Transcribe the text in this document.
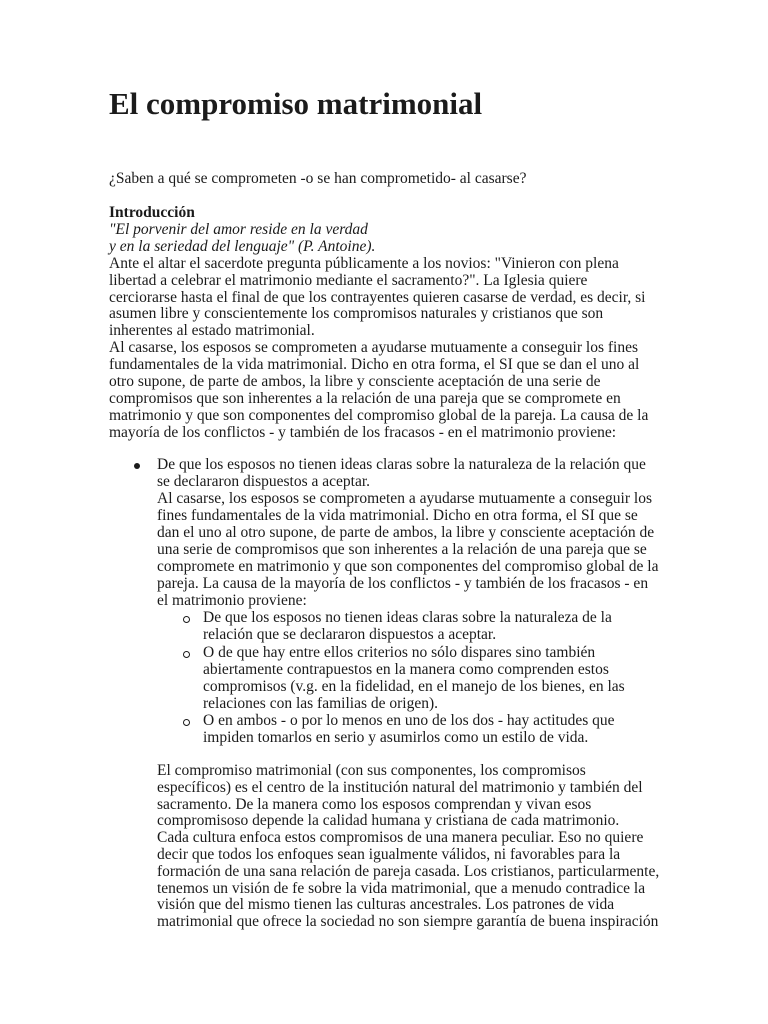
El compromiso matrimonial
¿Saben a qué se comprometen -o se han comprometido- al casarse?
Introducción
"El porvenir del amor reside en la verdad
y en la seriedad del lenguaje" (P. Antoine).
Ante el altar el sacerdote pregunta públicamente a los novios: "Vinieron con plena
libertad a celebrar el matrimonio mediante el sacramento?". La Iglesia quiere
cerciorarse hasta el final de que los contrayentes quieren casarse de verdad, es decir, si
asumen libre y conscientemente los compromisos naturales y cristianos que son
inherentes al estado matrimonial.
Al casarse, los esposos se comprometen a ayudarse mutuamente a conseguir los fines
fundamentales de la vida matrimonial. Dicho en otra forma, el SI que se dan el uno al
otro supone, de parte de ambos, la libre y consciente aceptación de una serie de
compromisos que son inherentes a la relación de una pareja que se compromete en
matrimonio y que son componentes del compromiso global de la pareja. La causa de la
mayoría de los conflictos - y también de los fracasos - en el matrimonio proviene:
De que los esposos no tienen ideas claras sobre la naturaleza de la relación que
se declararon dispuestos a aceptar.
Al casarse, los esposos se comprometen a ayudarse mutuamente a conseguir los
fines fundamentales de la vida matrimonial. Dicho en otra forma, el SI que se
dan el uno al otro supone, de parte de ambos, la libre y consciente aceptación de
una serie de compromisos que son inherentes a la relación de una pareja que se
compromete en matrimonio y que son componentes del compromiso global de la
pareja. La causa de la mayoría de los conflictos - y también de los fracasos - en
el matrimonio proviene:
De que los esposos no tienen ideas claras sobre la naturaleza de la
relación que se declararon dispuestos a aceptar.
O de que hay entre ellos criterios no sólo dispares sino también
abiertamente contrapuestos en la manera como comprenden estos
compromisos (v.g. en la fidelidad, en el manejo de los bienes, en las
relaciones con las familias de origen).
O en ambos - o por lo menos en uno de los dos - hay actitudes que
impiden tomarlos en serio y asumirlos como un estilo de vida.
El compromiso matrimonial (con sus componentes, los compromisos
específicos) es el centro de la institución natural del matrimonio y también del
sacramento. De la manera como los esposos comprendan y vivan esos
compromisoso depende la calidad humana y cristiana de cada matrimonio.
Cada cultura enfoca estos compromisos de una manera peculiar. Eso no quiere
decir que todos los enfoques sean igualmente válidos, ni favorables para la
formación de una sana relación de pareja casada. Los cristianos, particularmente,
tenemos un visión de fe sobre la vida matrimonial, que a menudo contradice la
visión que del mismo tienen las culturas ancestrales. Los patrones de vida
matrimonial que ofrece la sociedad no son siempre garantía de buena inspiración
